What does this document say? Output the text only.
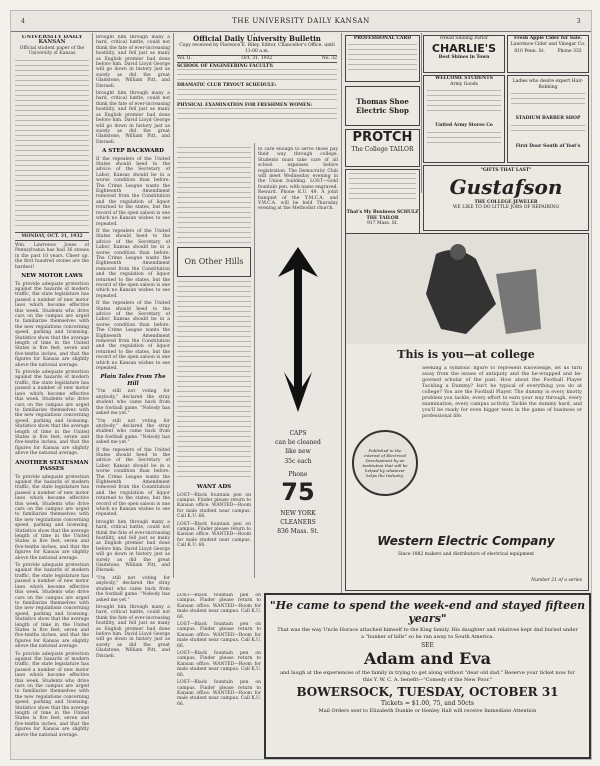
4	THE UNIVERSITY DAILY KANSAN	3
UNIVERSITY DAILY KANSAN
Official student paper of the University of Kansas
MONDAY, OCT. 31, 1932

Wm. Lawrence Jones of Pennsylvania has had 36 stones in the past 10 years. Cheer up, the first hundred stones are the hardest!

NEW MOTOR LAWS

To provide adequate protection against the hazards of modern traffic, the state legislature has passed a number of new motor laws which become effective this week. Students who drive cars on the campus are urged to familiarize themselves with the new regulations concerning speed, parking and licensing. Statistics show that the average length of time in the United States is five feet, seven and five-tenths inches, and that the figures for Kansas are slightly above the national average.

To provide adequate protection against the hazards of modern traffic, the state legislature has passed a number of new motor laws which become effective this week. Students who drive cars on the campus are urged to familiarize themselves with the new regulations concerning speed, parking and licensing. Statistics show that the average length of time in the United States is five feet, seven and five-tenths inches, and that the figures for Kansas are slightly above the national average.

ANOTHER STATESMAN PASSES

To provide adequate protection against the hazards of modern traffic, the state legislature has passed a number of new motor laws which become effective this week. Students who drive cars on the campus are urged to familiarize themselves with the new regulations concerning speed, parking and licensing. Statistics show that the average length of time in the United States is five feet, seven and five-tenths inches, and that the figures for Kansas are slightly above the national average.

To provide adequate protection against the hazards of modern traffic, the state legislature has passed a number of new motor laws which become effective this week. Students who drive cars on the campus are urged to familiarize themselves with the new regulations concerning speed, parking and licensing. Statistics show that the average length of time in the United States is five feet, seven and five-tenths inches, and that the figures for Kansas are slightly above the national average.

To provide adequate protection against the hazards of modern traffic, the state legislature has passed a number of new motor laws which become effective this week. Students who drive cars on the campus are urged to familiarize themselves with the new regulations concerning speed, parking and licensing. Statistics show that the average length of time in the United States is five feet, seven and five-tenths inches, and that the figures for Kansas are slightly above the national average.

brought him through many a hard, critical battle, could not think the fate of ever-increasing hostility, and fell just as many as English premier had done before him. David Lloyd George will go down in history just as surely as did the great Gladstone, William Pitt, and Disraeli.

brought him through many a hard, critical battle, could not think the fate of ever-increasing hostility, and fell just as many as English premier had done before him. David Lloyd George will go down in history just as surely as did the great Gladstone, William Pitt, and Disraeli.

A STEP BACKWARD

If the repealers of the United States should heed to the advice of the Secretary of Labor, Kansas should be in a worse condition than before. The Crime League wants the Eighteenth Amendment removed from the Constitution and the regulation of liquor returned to the states, but the record of the open saloon is one which no Kansan wishes to see repeated.

If the repealers of the United States should heed to the advice of the Secretary of Labor, Kansas should be in a worse condition than before. The Crime League wants the Eighteenth Amendment removed from the Constitution and the regulation of liquor returned to the states, but the record of the open saloon is one which no Kansan wishes to see repeated.

If the repealers of the United States should heed to the advice of the Secretary of Labor, Kansas should be in a worse condition than before. The Crime League wants the Eighteenth Amendment removed from the Constitution and the regulation of liquor returned to the states, but the record of the open saloon is one which no Kansan wishes to see repeated.

Plain Tales From The Hill

"I'm still not voting for anybody," declared the stray student who came back from the football game. "Nobody has asked me yet."

"I'm still not voting for anybody," declared the stray student who came back from the football game. "Nobody has asked me yet."

If the repealers of the United States should heed to the advice of the Secretary of Labor, Kansas should be in a worse condition than before. The Crime League wants the Eighteenth Amendment removed from the Constitution and the regulation of liquor returned to the states, but the record of the open saloon is one which no Kansan wishes to see repeated.

brought him through many a hard, critical battle, could not think the fate of ever-increasing hostility, and fell just as many as English premier had done before him. David Lloyd George will go down in history just as surely as did the great Gladstone, William Pitt, and Disraeli.

"I'm still not voting for anybody," declared the stray student who came back from the football game. "Nobody has asked me yet."

brought him through many a hard, critical battle, could not think the fate of ever-increasing hostility, and fell just as many as English premier had done before him. David Lloyd George will go down in history just as surely as did the great Gladstone, William Pitt, and Disraeli.

Official Daily University Bulletin
Copy received by Florence E. Riley, Editor, Chancellor's Office, until 11:00 a.m.
Vol. II.	Oct. 31, 1932	No. 32
SCHOOL OF ENGINEERING FACULTY:
DRAMATIC CLUB TRYOUT SCHEDULE:
PHYSICAL EXAMINATION FOR FRESHMEN WOMEN:

to care enough to serve those pay their way through college. Students must take care of all school expenses before registration. The Democratic Club will meet Wednesday evening in the Union building. LOST—Gold fountain pen, with name engraved. Reward. Phone K.U. 49. A joint banquet of the Y.M.C.A. and Y.W.C.A. will be held Thursday evening at the Methodist church.

CAPS
can be cleaned
like new
35c each
Phone
75
NEW YORK
CLEANERS
836 Mass. St.
On Other Hills
WANT ADS

LOST—Black fountain pen on campus. Finder please return to Kansan office. WANTED—Room for male student near campus. Call K.U. 66.

LOST—Black fountain pen on campus. Finder please return to Kansan office. WANTED—Room for male student near campus. Call K.U. 66.

PROFESSIONAL CARD
Thomas Shoe Electric Shop
PROTCH
The College TAILOR
That's My Business SCHULZ THE TAILOR
917 Mass. St.
Oread Shining Parlor
CHARLIE'S
Best Shines in Town
Fresh Apple Cider for Sale.
Lawrence Cider and Vinegar Co.
810 Penn. St.	Phone 333
WELCOME STUDENTS
Army Goods
United Army Stores Co
Ladies who desire expert Hair-Bobbing
STADIUM BARBER SHOP
First Door South of Yost's
"GIFTS THAT LAST"
Gustafson
THE COLLEGE JEWELER
WE LIKE TO DO LITTLE JOBS OF REPAIRING
This is you—at college
Seeking a symbolic figure to represent Knowledge, let us turn away from the issues of antiquity and the be-wrapped and be-gowned scholar of the past. How about the Football Player Tackling a Dummy? Isn't he typical of everything you do at college? You are the Football Player. The dummy is every knotty problem you tackle, every effort to earn your way through, every examination, every campus activity. Tackle the dummy hard, and you'll be ready for even bigger tests in the game of business or professional life.
Published in the interest of Electrical Development by an Institution that will be helped by whatever helps the Industry.
Western Electric Company
Since 1882 makers and distributors of electrical equipment
Number 21 of a series
"He came to spend the week-end and stayed fifteen years"
That was the way Uncle Horace attached himself to the King family. His daughter and relatives kept dad buried under a "bunker of bills" so he ran away to South America.
SEE
Adam and Eva
and laugh at the experiences of the family in trying to get along without "dear old dad." Reserve your ticket now for this Y. W. C. A. benefit—"Comedy of the New Poor."
BOWERSOCK, TUESDAY, OCTOBER 31
Tickets = $1.00, 75, and 50cts
Mail Orders sent to Elizabeth Dunkle or Henley Hall will receive Immediate Attention

LOST—Black fountain pen on campus. Finder please return to Kansan office. WANTED—Room for male student near campus. Call K.U. 66.

LOST—Black fountain pen on campus. Finder please return to Kansan office. WANTED—Room for male student near campus. Call K.U. 66.

LOST—Black fountain pen on campus. Finder please return to Kansan office. WANTED—Room for male student near campus. Call K.U. 66.

LOST—Black fountain pen on campus. Finder please return to Kansan office. WANTED—Room for male student near campus. Call K.U. 66.
